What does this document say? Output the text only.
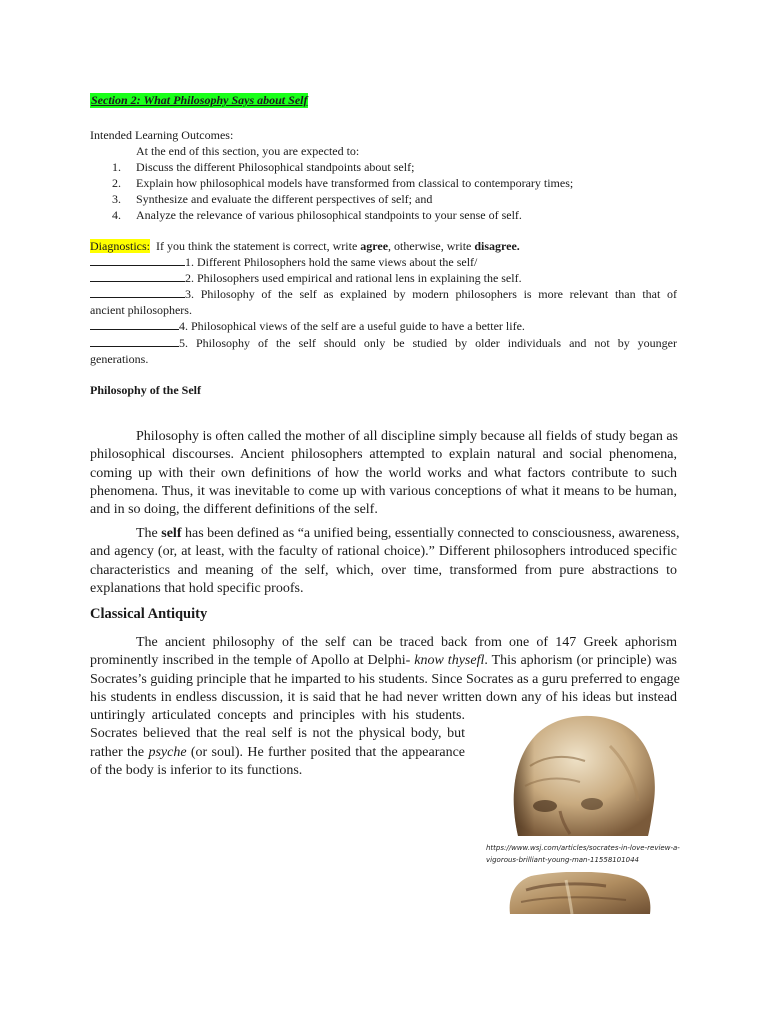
Section 2: What Philosophy Says about Self
Intended Learning Outcomes:
At the end of this section, you are expected to:
1. Discuss the different Philosophical standpoints about self;
2. Explain how philosophical models have transformed from classical to contemporary times;
3. Synthesize and evaluate the different perspectives of self; and
4. Analyze the relevance of various philosophical standpoints to your sense of self.
Diagnostics: If you think the statement is correct, write agree, otherwise, write disagree.
1. Different Philosophers hold the same views about the self/
2. Philosophers used empirical and rational lens in explaining the self.
3. Philosophy of the self as explained by modern philosophers is more relevant than that of
ancient philosophers.
4. Philosophical views of the self are a useful guide to have a better life.
5. Philosophy of the self should only be studied by older individuals and not by younger
generations.
Philosophy of the Self
Philosophy is often called the mother of all discipline simply because all fields of study began as
philosophical discourses. Ancient philosophers attempted to explain natural and social phenomena,
coming up with their own definitions of how the world works and what factors contribute to such
phenomena. Thus, it was inevitable to come up with various conceptions of what it means to be human,
and in so doing, the different definitions of the self.
The self has been defined as “a unified being, essentially connected to consciousness, awareness,
and agency (or, at least, with the faculty of rational choice).” Different philosophers introduced specific
characteristics and meaning of the self, which, over time, transformed from pure abstractions to
explanations that hold specific proofs.
Classical Antiquity
The ancient philosophy of the self can be traced back from one of 147 Greek aphorism
prominently inscribed in the temple of Apollo at Delphi- know thysefl. This aphorism (or principle) was
Socrates’s guiding principle that he imparted to his students. Since Socrates as a guru preferred to engage
his students in endless discussion, it is said that he had never written down any of his ideas but instead
untiringly articulated concepts and principles with his students.
Socrates believed that the real self is not the physical body, but
rather the psyche (or soul). He further posited that the appearance
of the body is inferior to its functions.
https://www.wsj.com/articles/socrates-in-love-review-a-
vigorous-brilliant-young-man-11558101044
